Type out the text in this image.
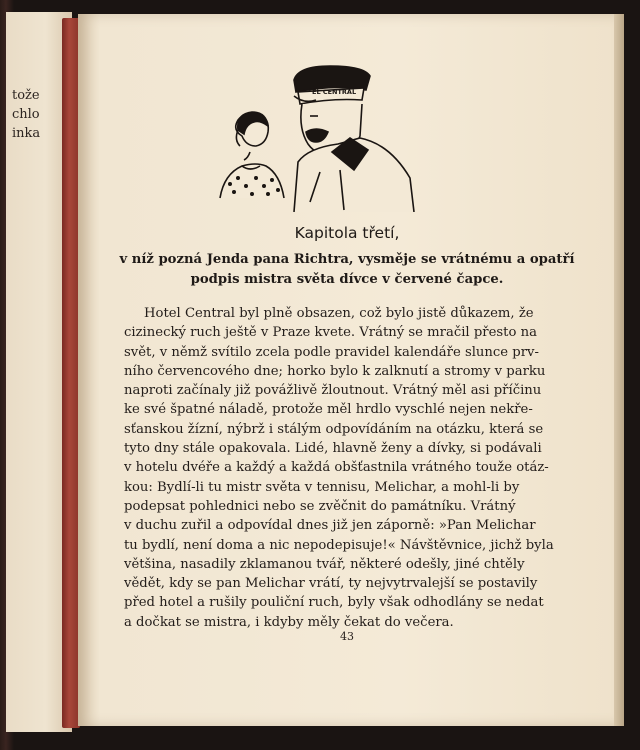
tože
chlo
inka
EL CENTRAL
Kapitola třetí,
v níž pozná Jenda pana Richtra, vysměje se vrátnému a opatří
podpis mistra světa dívce v červené čapce.
Hotel Central byl plně obsazen, což bylo jistě důkazem, že
cizinecký ruch ještě v Praze kvete. Vrátný se mračil přesto na
svět, v němž svítilo zcela podle pravidel kalendáře slunce prv-
ního červencového dne; horko bylo k zalknutí a stromy v parku
naproti začínaly již povážlivě žloutnout. Vrátný měl asi příčinu
ke své špatné náladě, protože měl hrdlo vyschlé nejen nekře-
sťanskou žízní, nýbrž i stálým odpovídáním na otázku, která se
tyto dny stále opakovala. Lidé, hlavně ženy a dívky, si podávali
v hotelu dvéře a každý a každá obšťastnila vrátného touže otáz-
kou: Bydlí-li tu mistr světa v tennisu, Melichar, a mohl-li by
podepsat pohlednici nebo se zvěčnit do památníku. Vrátný
v duchu zuřil a odpovídal dnes již jen záporně: »Pan Melichar
tu bydlí, není doma a nic nepodepisuje!« Návštěvnice, jichž byla
většina, nasadily zklamanou tvář, některé odešly, jiné chtěly
vědět, kdy se pan Melichar vrátí, ty nejvytrvalejší se postavily
před hotel a rušily pouliční ruch, byly však odhodlány se nedat
a dočkat se mistra, i kdyby měly čekat do večera.
43
